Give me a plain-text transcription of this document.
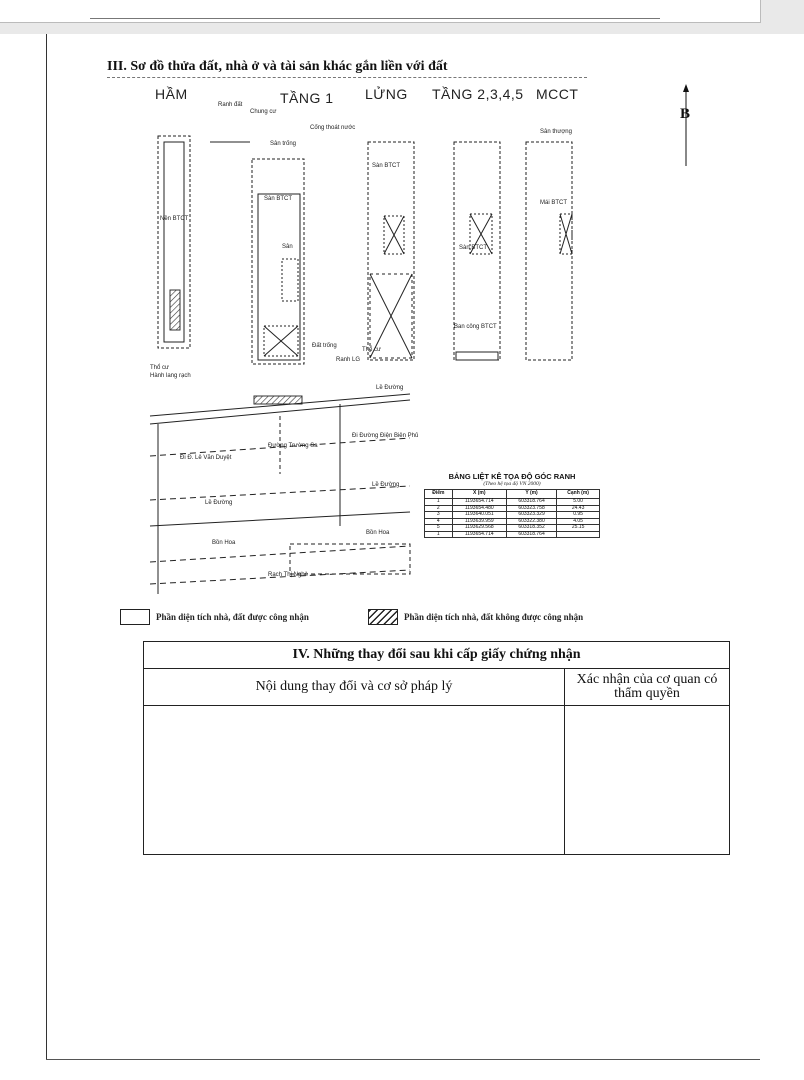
III. Sơ đồ thửa đất, nhà ở và tài sản khác gắn liền với đất
HẦM	TẦNG 1 LỬNG TẦNG 2,3,4,5 MCCT
B
Ranh đất
Chung cư
Cống thoát nước
Nền BTCT
Sàn BTCT
Sân trống
Sân
Sàn BTCT
Sàn BTCT
Sân thượng
Mái BTCT
Ban công BTCT
Đất trống
Thổ cư
Thổ cư
Hành lang rạch
Ranh LG
Lề Đường
Đường Trường Sa
Đi Đ. Lê Văn Duyệt
Đi Đường Điện Biên Phủ
Lề Đường
Lề Đường
Bồn Hoa
Bồn Hoa
Rạch Thị Nghè
BẢNG LIỆT KÊ TỌA ĐỘ GÓC RANH
(Theo hệ tọa độ VN 2000)
Điểm	X (m)	Y (m)	Cạnh (m)
1	1193654.714	603318.764	5.00
2	1193654.480	603323.758	24.43
3	1193640.051	603323.329	0.95
4	1193639.959	603322.380	4.05
5	1193629.568	603318.352	25.15
1	1193654.714	603318.764	
Phần diện tích nhà, đất được công nhận	Phần diện tích nhà, đất không được công nhận
IV. Những thay đổi sau khi cấp giấy chứng nhận
Nội dung thay đổi và cơ sở pháp lý	Xác nhận của cơ quan có thẩm quyền
